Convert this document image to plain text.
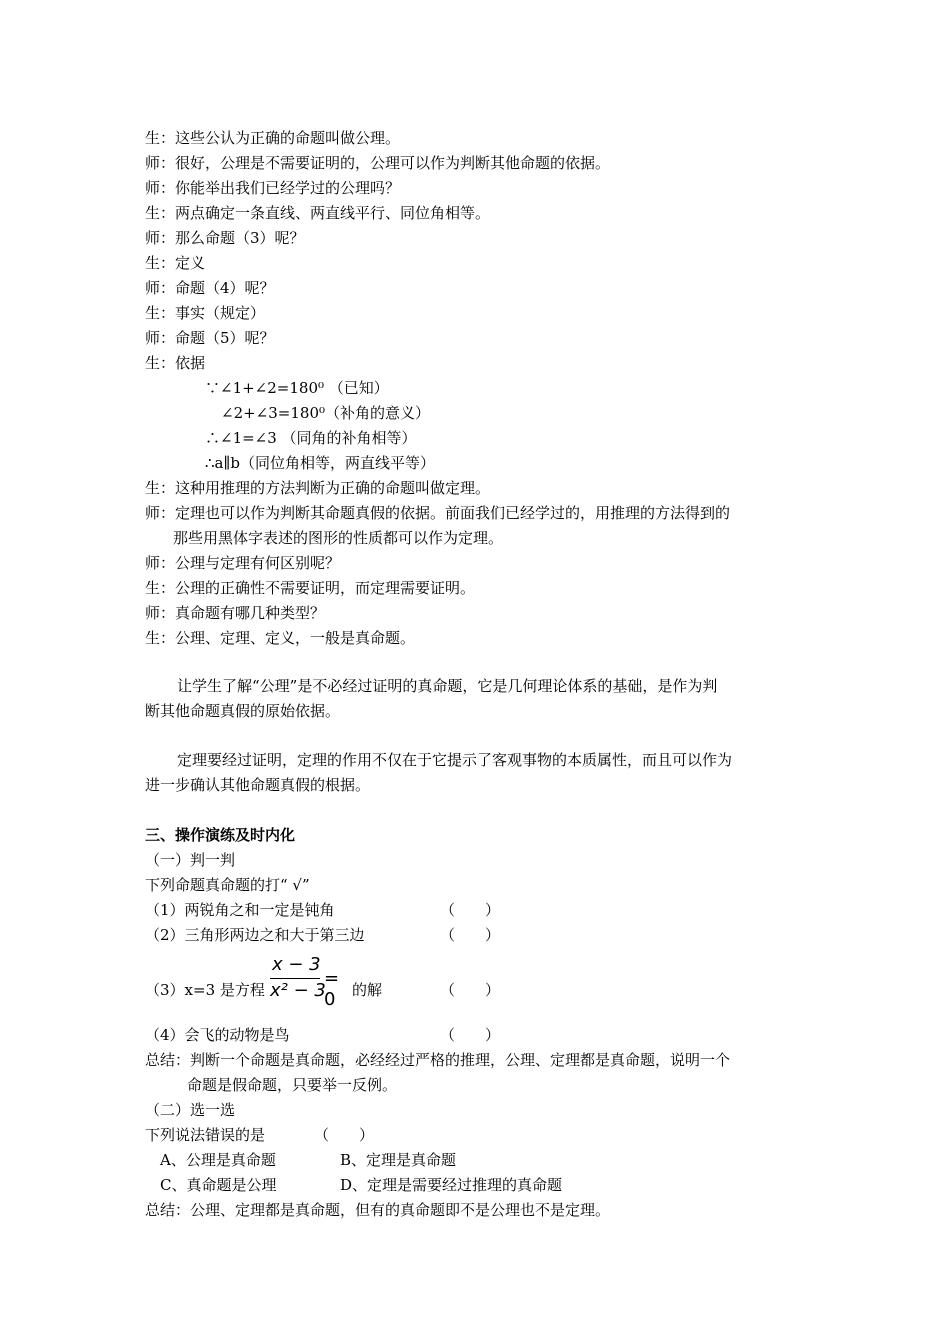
生：这些公认为正确的命题叫做公理。
师：很好，公理是不需要证明的，公理可以作为判断其他命题的依据。
师：你能举出我们已经学过的公理吗？
生：两点确定一条直线、两直线平行、同位角相等。
师：那么命题（3）呢？
生：定义
师：命题（4）呢？
生：事实（规定）
师：命题（5）呢？
生：依据
∵∠1+∠2=180⁰ （已知）
∠2+∠3=180⁰（补角的意义）
∴∠1=∠3 （同角的补角相等）
∴a∥b（同位角相等，两直线平等）
生：这种用推理的方法判断为正确的命题叫做定理。
师：定理也可以作为判断其命题真假的依据。前面我们已经学过的，用推理的方法得到的
那些用黑体字表述的图形的性质都可以作为定理。
师：公理与定理有何区别呢？
生：公理的正确性不需要证明，而定理需要证明。
师：真命题有哪几种类型？
生：公理、定理、定义，一般是真命题。
让学生了解“公理”是不必经过证明的真命题，它是几何理论体系的基础，是作为判
断其他命题真假的原始依据。
定理要经过证明，定理的作用不仅在于它提示了客观事物的本质属性，而且可以作为
进一步确认其他命题真假的根据。
三、操作演练及时内化
（一）判一判
下列命题真命题的打“ √”
（1）两锐角之和一定是钝角	（　　）
（2）三角形两边之和大于第三边	（　　）
（3）x=3 是方程
x − 3
x² − 3
= 0	的解	（　　）
（4）会飞的动物是鸟	（　　）
总结：判断一个命题是真命题，必经经过严格的推理，公理、定理都是真命题，说明一个
命题是假命题，只要举一反例。
（二）选一选
下列说法错误的是	（　　）
A、公理是真命题	B、定理是真命题
C、真命题是公理	D、定理是需要经过推理的真命题
总结：公理、定理都是真命题，但有的真命题即不是公理也不是定理。
